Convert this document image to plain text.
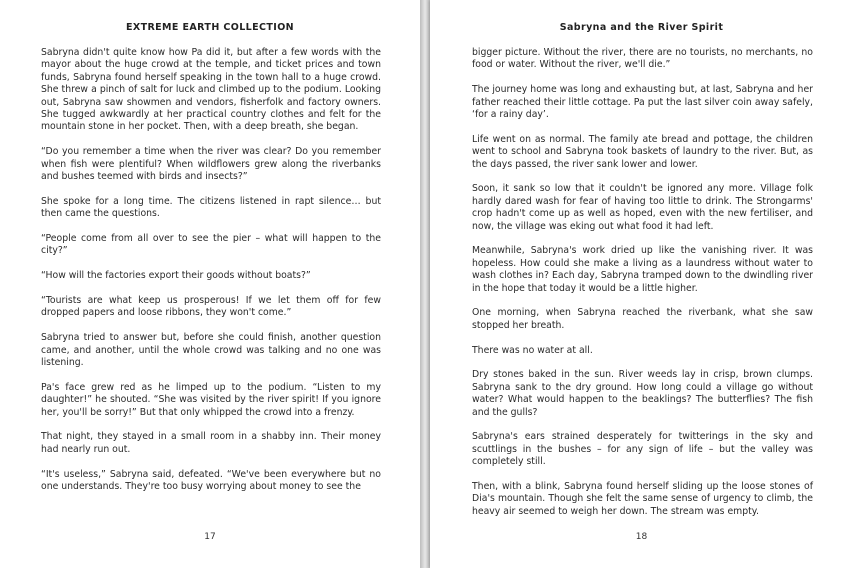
EXTREME EARTH COLLECTION

Sabryna didn't quite know how Pa did it, but after a few words with the mayor about the huge crowd at the temple, and ticket prices and town funds, Sabryna found herself speaking in the town hall to a huge crowd. She threw a pinch of salt for luck and climbed up to the podium. Looking out, Sabryna saw showmen and vendors, fisherfolk and factory owners. She tugged awkwardly at her practical country clothes and felt for the mountain stone in her pocket. Then, with a deep breath, she began.

“Do you remember a time when the river was clear? Do you remember when fish were plentiful? When wildflowers grew along the riverbanks and bushes teemed with birds and insects?”

She spoke for a long time. The citizens listened in rapt silence… but then came the questions.

“People come from all over to see the pier – what will happen to the city?”

“How will the factories export their goods without boats?”

“Tourists are what keep us prosperous! If we let them off for few dropped papers and loose ribbons, they won't come.”

Sabryna tried to answer but, before she could finish, another question came, and another, until the whole crowd was talking and no one was listening.

Pa's face grew red as he limped up to the podium. “Listen to my daughter!” he shouted. “She was visited by the river spirit! If you ignore her, you'll be sorry!” But that only whipped the crowd into a frenzy.

That night, they stayed in a small room in a shabby inn. Their money had nearly run out.

“It's useless,” Sabryna said, defeated. “We've been everywhere but no one understands. They're too busy worrying about money to see the

17
Sabryna and the River Spirit

bigger picture. Without the river, there are no tourists, no merchants, no food or water. Without the river, we'll die.”

The journey home was long and exhausting but, at last, Sabryna and her father reached their little cottage. Pa put the last silver coin away safely, ‘for a rainy day’.

Life went on as normal. The family ate bread and pottage, the children went to school and Sabryna took baskets of laundry to the river. But, as the days passed, the river sank lower and lower.

Soon, it sank so low that it couldn't be ignored any more. Village folk hardly dared wash for fear of having too little to drink. The Strongarms' crop hadn't come up as well as hoped, even with the new fertiliser, and now, the village was eking out what food it had left.

Meanwhile, Sabryna's work dried up like the vanishing river. It was hopeless. How could she make a living as a laundress without water to wash clothes in? Each day, Sabryna tramped down to the dwindling river in the hope that today it would be a little higher.

One morning, when Sabryna reached the riverbank, what she saw stopped her breath.

There was no water at all.

Dry stones baked in the sun. River weeds lay in crisp, brown clumps. Sabryna sank to the dry ground. How long could a village go without water? What would happen to the beaklings? The butterflies? The fish and the gulls?

Sabryna's ears strained desperately for twitterings in the sky and scuttlings in the bushes – for any sign of life – but the valley was completely still.

Then, with a blink, Sabryna found herself sliding up the loose stones of Dia's mountain. Though she felt the same sense of urgency to climb, the heavy air seemed to weigh her down. The stream was empty.

18
